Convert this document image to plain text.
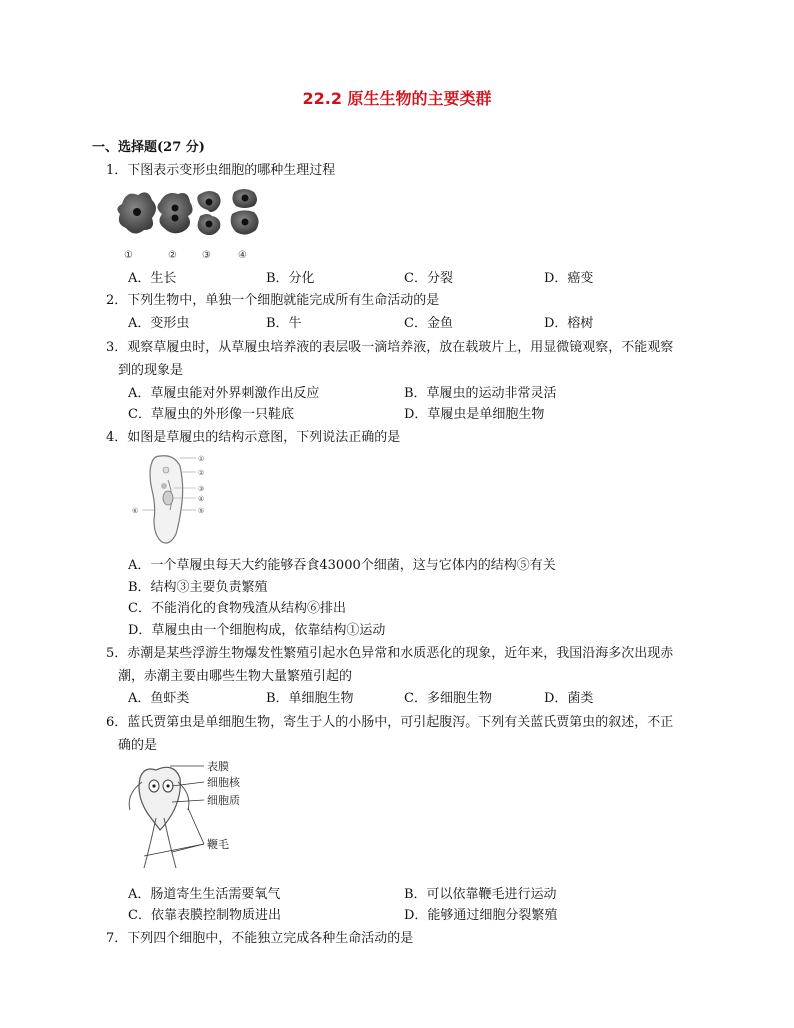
22.2 原生生物的主要类群
一、选择题(27 分)
1．下图表示变形虫细胞的哪种生理过程
①	②	③	④
A．生长	B．分化	C．分裂	D．癌变
2．下列生物中，单独一个细胞就能完成所有生命活动的是
A．变形虫	B．牛	C．金鱼	D．榕树
3．观察草履虫时，从草履虫培养液的表层吸一滴培养液，放在载玻片上，用显微镜观察，不能观察
到的现象是
A．草履虫能对外界刺激作出反应	B．草履虫的运动非常灵活
C．草履虫的外形像一只鞋底	D．草履虫是单细胞生物
4．如图是草履虫的结构示意图，下列说法正确的是
①
②
③
④
⑤
⑥
A．一个草履虫每天大约能够吞食43000个细菌，这与它体内的结构⑤有关
B．结构③主要负责繁殖
C．不能消化的食物残渣从结构⑥排出
D．草履虫由一个细胞构成，依靠结构①运动
5．赤潮是某些浮游生物爆发性繁殖引起水色异常和水质恶化的现象，近年来，我国沿海多次出现赤
潮，赤潮主要由哪些生物大量繁殖引起的
A．鱼虾类	B．单细胞生物	C．多细胞生物	D．菌类
6．蓝氏贾第虫是单细胞生物，寄生于人的小肠中，可引起腹泻。下列有关蓝氏贾第虫的叙述，不正
确的是
表膜
细胞核
细胞质
鞭毛
A．肠道寄生生活需要氧气	B．可以依靠鞭毛进行运动
C．依靠表膜控制物质进出	D．能够通过细胞分裂繁殖
7．下列四个细胞中，不能独立完成各种生命活动的是
